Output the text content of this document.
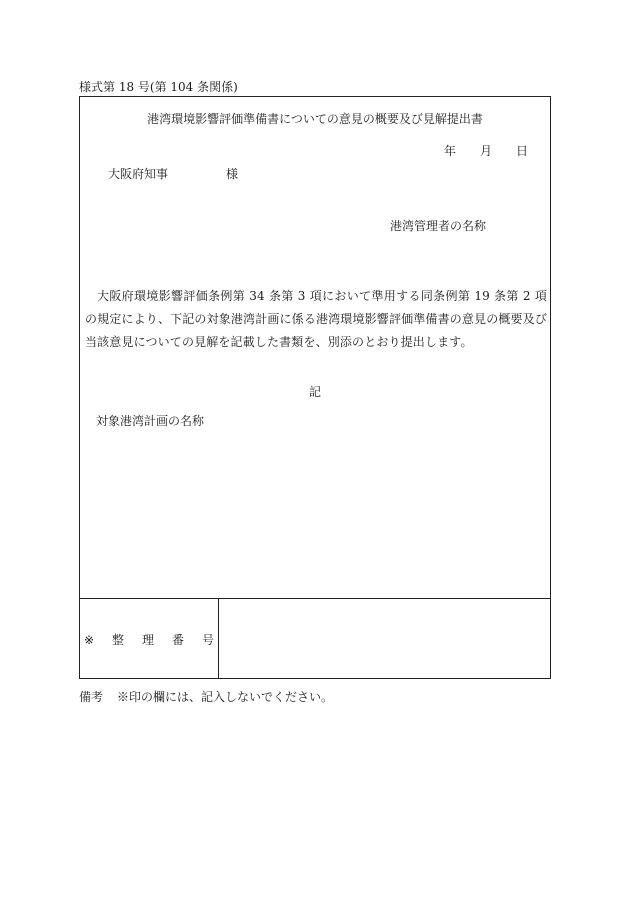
様式第 18 号(第 104 条関係)
港湾環境影響評価準備書についての意見の概要及び見解提出書
年 月 日
大阪府知事	様
港湾管理者の名称
大阪府環境影響評価条例第 34 条第 3 項において準用する同条例第 19 条第 2 項の規定により、下記の対象港湾計画に係る港湾環境影響評価準備書の意見の概要及び当該意見についての見解を記載した書類を、別添のとおり提出します。
記
対象港湾計画の名称
※ 整 理 番 号
備考 ※印の欄には、記入しないでください。
